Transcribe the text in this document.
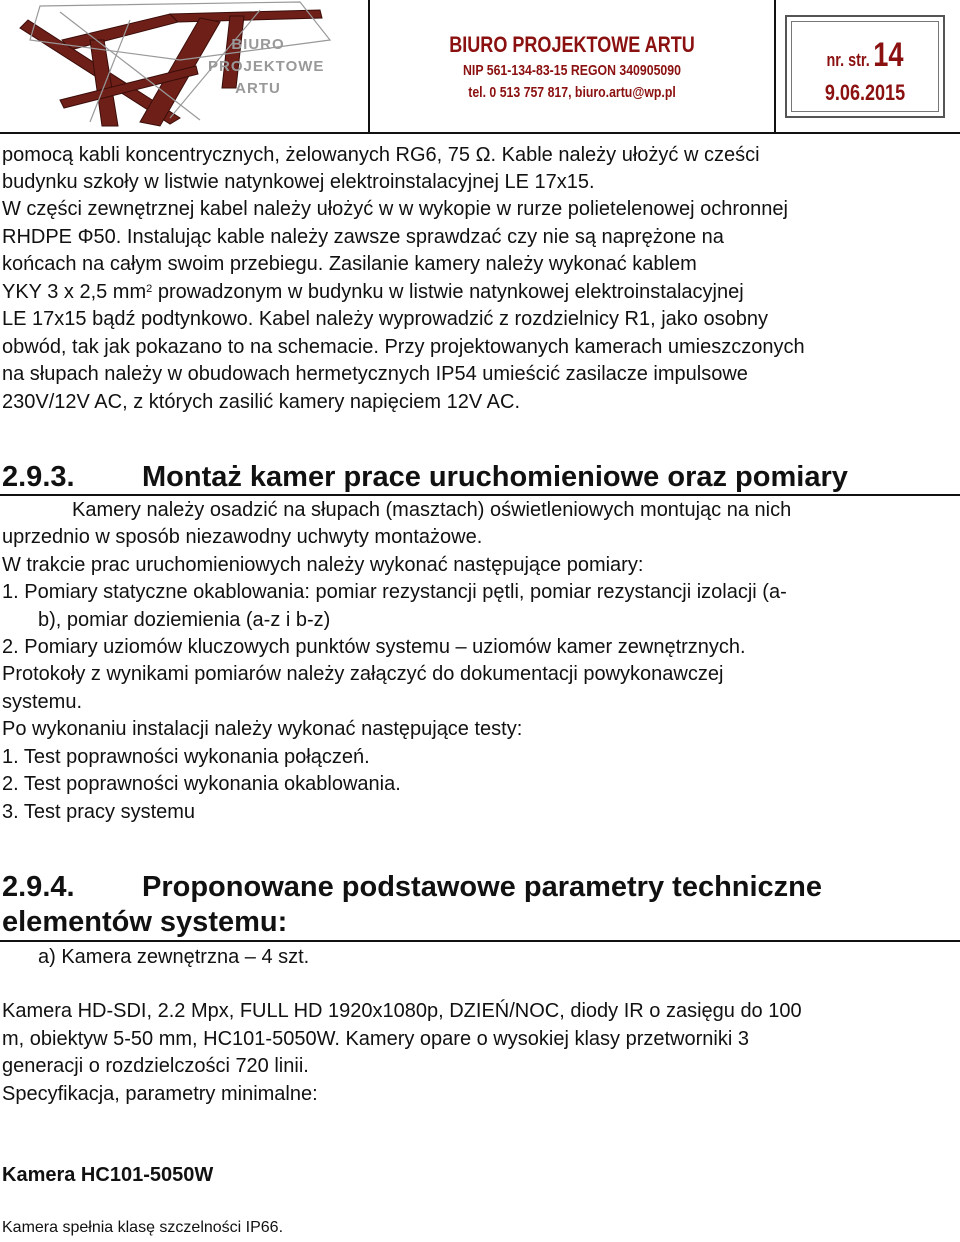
BIURO
PROJEKTOWE
ARTU
BIURO PROJEKTOWE ARTU
NIP 561-134-83-15 REGON 340905090
tel. 0 513 757 817, biuro.artu@wp.pl
nr. str. 14
9.06.2015
pomocą kabli koncentrycznych, żelowanych RG6, 75 Ω. Kable należy ułożyć w cześci
budynku szkoły w listwie natynkowej elektroinstalacyjnej LE 17x15.
W części zewnętrznej kabel należy ułożyć w w wykopie w rurze polietelenowej ochronnej
RHDPE Φ50. Instalując kable należy zawsze sprawdzać czy nie są naprężone na
końcach na całym swoim przebiegu. Zasilanie kamery należy wykonać kablem
YKY 3 x 2,5 $mm^2$ prowadzonym w budynku w listwie natynkowej elektroinstalacyjnej
LE 17x15 bądź podtynkowo. Kabel należy wyprowadzić z rozdzielnicy R1, jako osobny
obwód, tak jak pokazano to na schemacie. Przy projektowanych kamerach umieszczonych
na słupach należy w obudowach hermetycznych IP54 umieścić zasilacze impulsowe
230V/12V AC, z których zasilić kamery napięciem 12V AC.
2.9.3. Montaż kamer prace uruchomieniowe oraz pomiary
Kamery należy osadzić na słupach (masztach) oświetleniowych montując na nich
uprzednio w sposób niezawodny uchwyty montażowe.
W trakcie prac uruchomieniowych należy wykonać następujące pomiary:
1. Pomiary statyczne okablowania: pomiar rezystancji pętli, pomiar rezystancji izolacji (a-
b), pomiar doziemienia (a-z i b-z)
2. Pomiary uziomów kluczowych punktów systemu – uziomów kamer zewnętrznych.
Protokoły z wynikami pomiarów należy załączyć do dokumentacji powykonawczej
systemu.
Po wykonaniu instalacji należy wykonać następujące testy:
1. Test poprawności wykonania połączeń.
2. Test poprawności wykonania okablowania.
3. Test pracy systemu
2.9.4. Proponowane podstawowe parametry techniczne
elementów systemu:
a) Kamera zewnętrzna – 4 szt.
Kamera HD-SDI, 2.2 Mpx, FULL HD 1920x1080p, DZIEŃ/NOC, diody IR o zasięgu do 100
m, obiektyw 5-50 mm, HC101-5050W. Kamery opare o wysokiej klasy przetworniki 3
generacji o rozdzielczości 720 linii.
Specyfikacja, parametry minimalne:
Kamera HC101-5050W
Kamera spełnia klasę szczelności IP66.
